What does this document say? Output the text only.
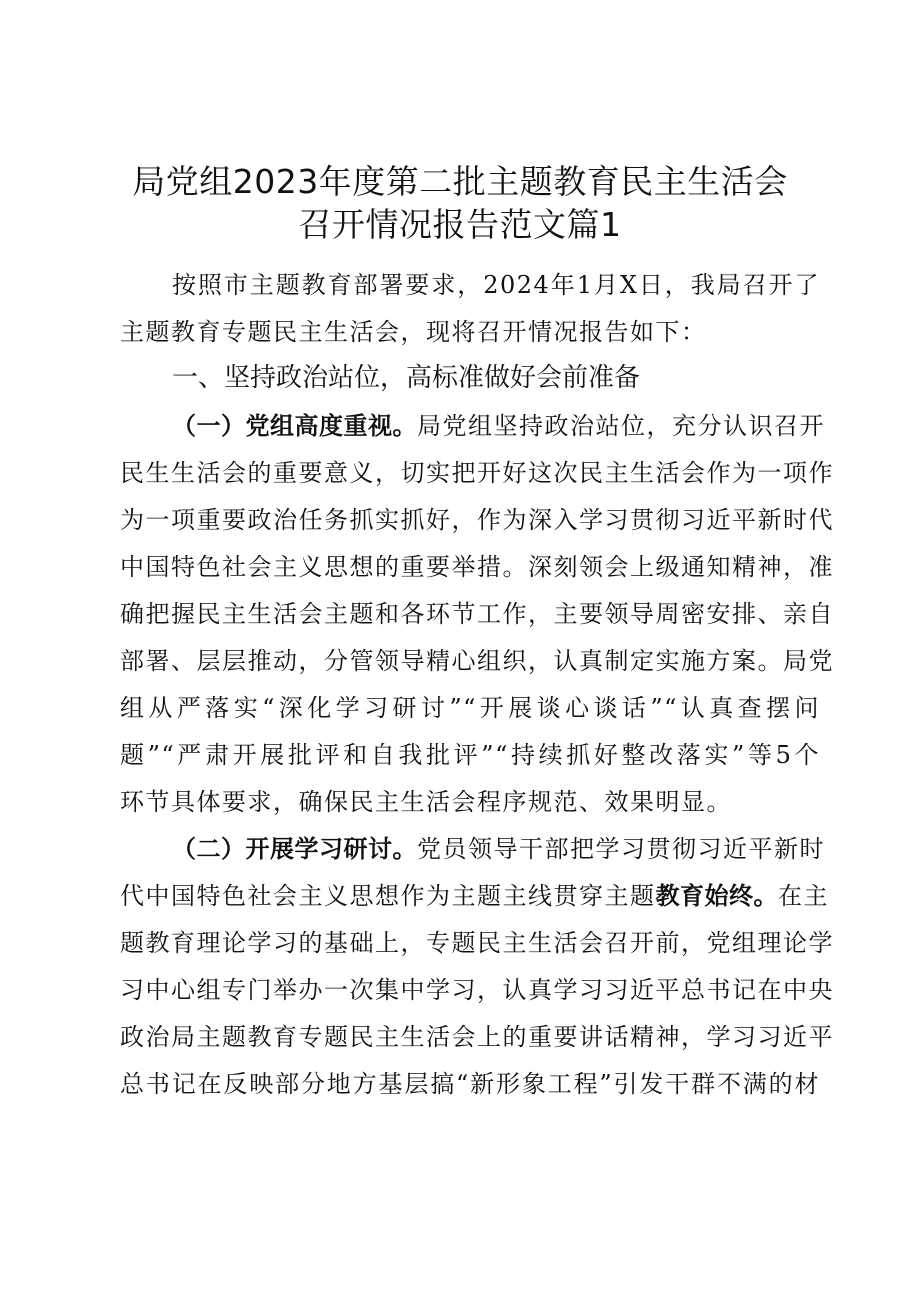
局党组2023年度第二批主题教育民主生活会
召开情况报告范文篇1
按照市主题教育部署要求，2024年1月X日，我局召开了
主题教育专题民主生活会，现将召开情况报告如下：
一、坚持政治站位，高标准做好会前准备
（一）党组高度重视。局党组坚持政治站位，充分认识召开
民生生活会的重要意义，切实把开好这次民主生活会作为一项作
为一项重要政治任务抓实抓好，作为深入学习贯彻习近平新时代
中国特色社会主义思想的重要举措。深刻领会上级通知精神，准
确把握民主生活会主题和各环节工作，主要领导周密安排、亲自
部署、层层推动，分管领导精心组织，认真制定实施方案。局党
组从严落实“深化学习研讨”“开展谈心谈话”“认真查摆问
题”“严肃开展批评和自我批评”“持续抓好整改落实”等5个
环节具体要求，确保民主生活会程序规范、效果明显。
（二）开展学习研讨。党员领导干部把学习贯彻习近平新时
代中国特色社会主义思想作为主题主线贯穿主题教育始终。在主
题教育理论学习的基础上，专题民主生活会召开前，党组理论学
习中心组专门举办一次集中学习，认真学习习近平总书记在中央
政治局主题教育专题民主生活会上的重要讲话精神，学习习近平
总书记在反映部分地方基层搞“新形象工程”引发干群不满的材
